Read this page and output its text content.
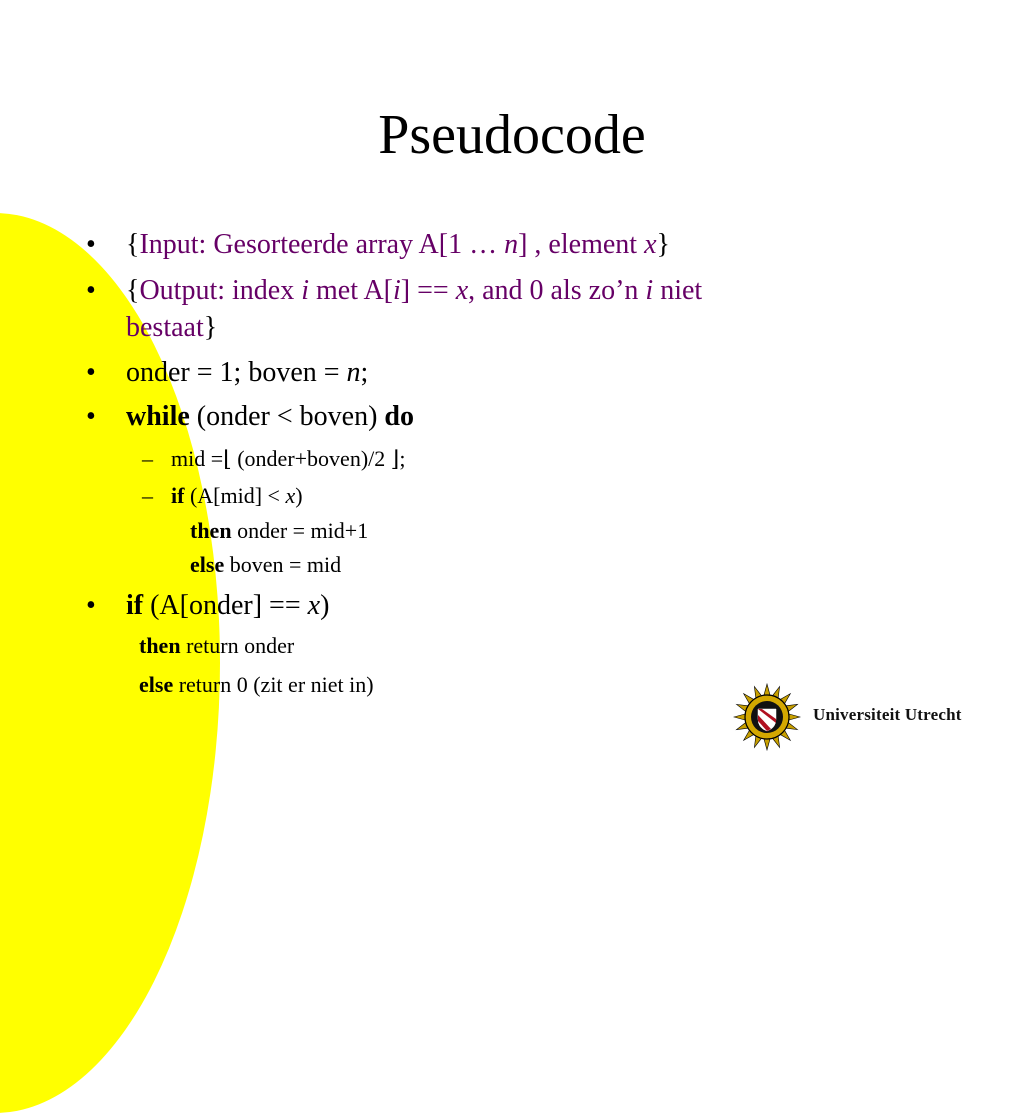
Pseudocode
• {Input: Gesorteerde array A[1 … n] , element x}
• {Output: index i met A[i] == x, and 0 als zo’n i niet
bestaat}
• onder = 1; boven = n;
• while (onder < boven) do
– mid =⌊ (onder+boven)/2 ⌋;
– if (A[mid] < x)
then onder = mid+1
else boven = mid
• if (A[onder] == x)
then return onder
else return 0 (zit er niet in)
Universiteit Utrecht
